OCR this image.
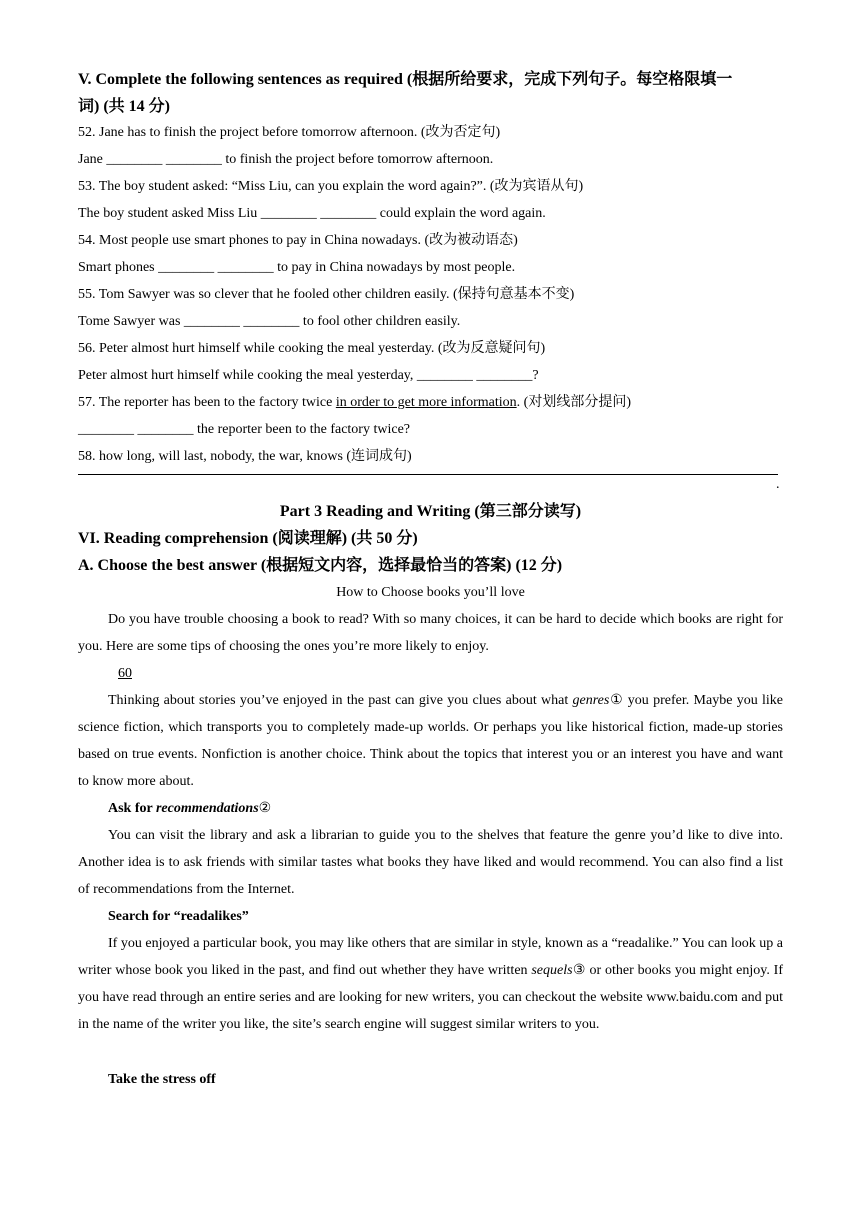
V. Complete the following sentences as required (根据所给要求，完成下列句子。每空格限填一
词) (共 14 分)
52. Jane has to finish the project before tomorrow afternoon. (改为否定句)
Jane ________ ________ to finish the project before tomorrow afternoon.
53. The boy student asked: “Miss Liu, can you explain the word again?”. (改为宾语从句)
The boy student asked Miss Liu ________ ________ could explain the word again.
54. Most people use smart phones to pay in China nowadays. (改为被动语态)
Smart phones ________ ________ to pay in China nowadays by most people.
55. Tom Sawyer was so clever that he fooled other children easily. (保持句意基本不变)
Tome Sawyer was ________ ________ to fool other children easily.
56. Peter almost hurt himself while cooking the meal yesterday. (改为反意疑问句)
Peter almost hurt himself while cooking the meal yesterday, ________ ________?
57. The reporter has been to the factory twice in order to get more information. (对划线部分提问)
________ ________ the reporter been to the factory twice?
58. how long, will last, nobody, the war, knows (连词成句)
.
Part 3 Reading and Writing (第三部分读写)
VI. Reading comprehension (阅读理解) (共 50 分)
A. Choose the best answer (根据短文内容，选择最恰当的答案) (12 分)
How to Choose books you’ll love
Do you have trouble choosing a book to read? With so many choices, it can be hard to decide which books are right for you. Here are some tips of choosing the ones you’re more likely to enjoy.
60
Thinking about stories you’ve enjoyed in the past can give you clues about what genres① you prefer. Maybe you like science fiction, which transports you to completely made-up worlds. Or perhaps you like historical fiction, made-up stories based on true events. Nonfiction is another choice. Think about the topics that interest you or an interest you have and want to know more about.
Ask for recommendations②
You can visit the library and ask a librarian to guide you to the shelves that feature the genre you’d like to dive into. Another idea is to ask friends with similar tastes what books they have liked and would recommend. You can also find a list of recommendations from the Internet.
Search for “readalikes”
If you enjoyed a particular book, you may like others that are similar in style, known as a “readalike.” You can look up a writer whose book you liked in the past, and find out whether they have written sequels③ or other books you might enjoy. If you have read through an entire series and are looking for new writers, you can checkout the website www.baidu.com and put in the name of the writer you like, the site’s search engine will suggest similar writers to you.
Take the stress off
